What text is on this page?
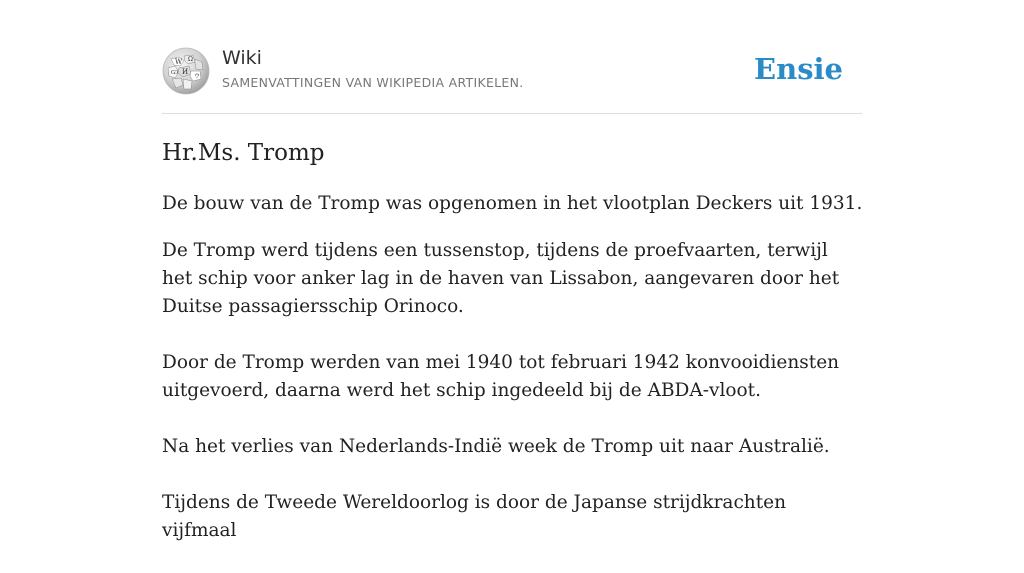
W Ω
И
Ѡ
ウ
Wiki
SAMENVATTINGEN VAN WIKIPEDIA ARTIKELEN.	Ensie
Hr.Ms. Tromp

De bouw van de Tromp was opgenomen in het vlootplan Deckers uit 1931.

De Tromp werd tijdens een tussenstop, tijdens de proefvaarten, terwijl het schip voor anker lag in de haven van Lissabon, aangevaren door het Duitse passagiersschip Orinoco.

Door de Tromp werden van mei 1940 tot februari 1942 konvooidiensten uitgevoerd, daarna werd het schip ingedeeld bij de ABDA-vloot.

Na het verlies van Nederlands-Indië week de Tromp uit naar Australië.

Tijdens de Tweede Wereldoorlog is door de Japanse strijdkrachten vijfmaal
